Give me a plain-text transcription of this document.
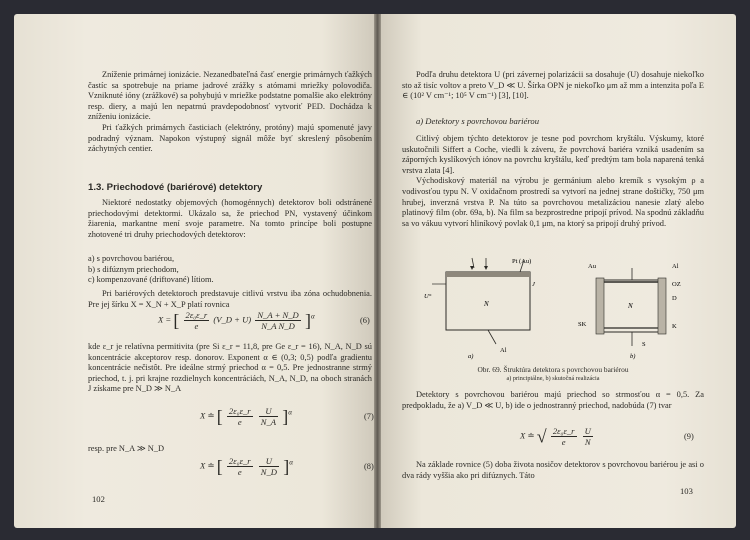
Zníženie primárnej ionizácie. Nezanedbateľná časť energie primárnych ťažkých častíc sa spotrebuje na priame jadrové zrážky s atómami mriežky polovodiča. Vzniknuté ióny (zrážkové) sa pohybujú v mriežke podstatne pomalšie ako elektróny resp. diery, a majú len nepatrnú pravdepodobnosť vytvoriť PED. Dochádza k zníženiu ionizácie.

Pri ťažkých primárnych časticiach (elektróny, protóny) majú spomenuté javy podradný význam. Napokon výstupný signál môže byť skreslený pôsobením záchytných centier.

1.3. Priechodové (bariérové) detektory

Niektoré nedostatky objemových (homogénnych) detektorov boli odstránené priechodovými detektormi. Ukázalo sa, že priechod PN, vystavený účinkom žiarenia, markantne mení svoje parametre. Na tomto princípe boli postupne zhotovené tri druhy priechodových detektorov:

a) s povrchovou bariérou,

b) s difúznym priechodom,

c) kompenzované (driftované) lítiom.

Pri bariérových detektoroch predstavuje citlivú vrstvu iba zóna ochudobnenia. Pre jej šírku X = X_N + X_P platí rovnica

X = [ $\frac{\text{2ε₀ε\_r}}{e}$ (V_D + $U) \frac{N\_A + N\_D}{\text{N\_A N\_D}} ]^\alpha$	(6)

kde ε_r je relatívna permitivita (pre Si ε_r = 11,8, pre Ge ε_r = 16), N_A, N_D sú koncentrácie akceptorov resp. donorov. Exponent α ∈ (0,3; 0,5) podľa gradientu koncentrácie nečistôt. Pre ideálne strmý priechod α = 0,5. Pre jednostranne strmý priechod, t. j. pri krajne rozdielnych koncentráciách, N_A, N_D, na oboch stranách J získame pre N_D ≫ N_A

X ≐ [ $\frac{\text{2ε₀ε\_r}}{e}$
$\frac{U}{N\_A} ]^\alpha$	(7)

resp. pre N_A ≫ N_D

X ≐ [ $\frac{\text{2ε₀ε\_r}}{e}$
$\frac{U}{N\_D} ]^\alpha$	(8)
102

Podľa druhu detektora U (pri závernej polarizácii sa dosahuje (U) dosahuje niekoľko sto až tisíc voltov a preto V_D ≪ U. Šírka OPN je niekoľko μm až mm a intenzita poľa E ∈ (10² V cm⁻¹; 10⁵ V cm⁻¹) [3], [10].

a) Detektory s povrchovou bariérou

Citlivý objem týchto detektorov je tesne pod povrchom kryštálu. Výskumy, ktoré uskutočnili Siffert a Coche, viedli k záveru, že povrchová bariéra vzniká usadením sa záporných kyslíkových iónov na povrchu kryštálu, keď predtým tam bola naparená tenká vrstva zlata [4].

Východiskový materiál na výrobu je germánium alebo kremík s vysokým ρ a vodivosťou typu N. V oxidačnom prostredí sa vytvorí na jednej strane doštičky, 750 μm hrubej, inverzná vrstva P. Na túto sa povrchovou metalizáciou nanesie zlatý alebo platinový film (obr. 69a, b). Na film sa bezprostredne pripojí prívod. Na spodnú základňu sa vo vákuu vytvorí hliníkový povlak 0,1 μm, na ktorý sa pripojí druhý prívod.

Pt (Au)
J
N
Al
U°
a)
Au	Al
OZ
D
SK
N
S
K
b)
Obr. 69. Štruktúra detektora s povrchovou bariérou
a) principiálne, b) skutočná realizácia

Detektory s povrchovou bariérou majú priechod so strmosťou α = 0,5. Za predpokladu, že a) V_D ≪ U, b) ide o jednostranný priechod, nadobúda (7) tvar

X ≐ √ $\frac{\text{2ε₀ε\_r}}{e}$
$\frac{U}{N}$	(9)

Na základe rovnice (5) doba života nosičov detektorov s povrchovou bariérou je asi o dva rády vyššia ako pri difúznych. Táto

103
